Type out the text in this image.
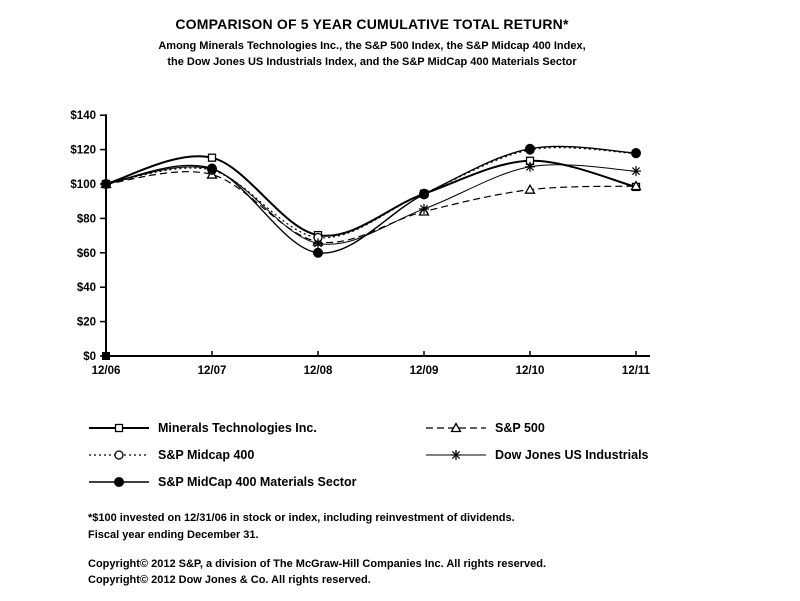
COMPARISON OF 5 YEAR CUMULATIVE TOTAL RETURN*
Among Minerals Technologies Inc., the S&P 500 Index, the S&P Midcap 400 Index,
the Dow Jones US Industrials Index, and the S&P MidCap 400 Materials Sector
$0
$20
$40
$60
$80
$100
$120
$140
12/06	12/07	12/08	12/09	12/10	12/11
Minerals Technologies Inc.	S&P 500
S&P Midcap 400	Dow Jones US Industrials
S&P MidCap 400 Materials Sector
*$100 invested on 12/31/06 in stock or index, including reinvestment of dividends.
Fiscal year ending December 31.
Copyright© 2012 S&P, a division of The McGraw-Hill Companies Inc. All rights reserved.
Copyright© 2012 Dow Jones & Co. All rights reserved.
